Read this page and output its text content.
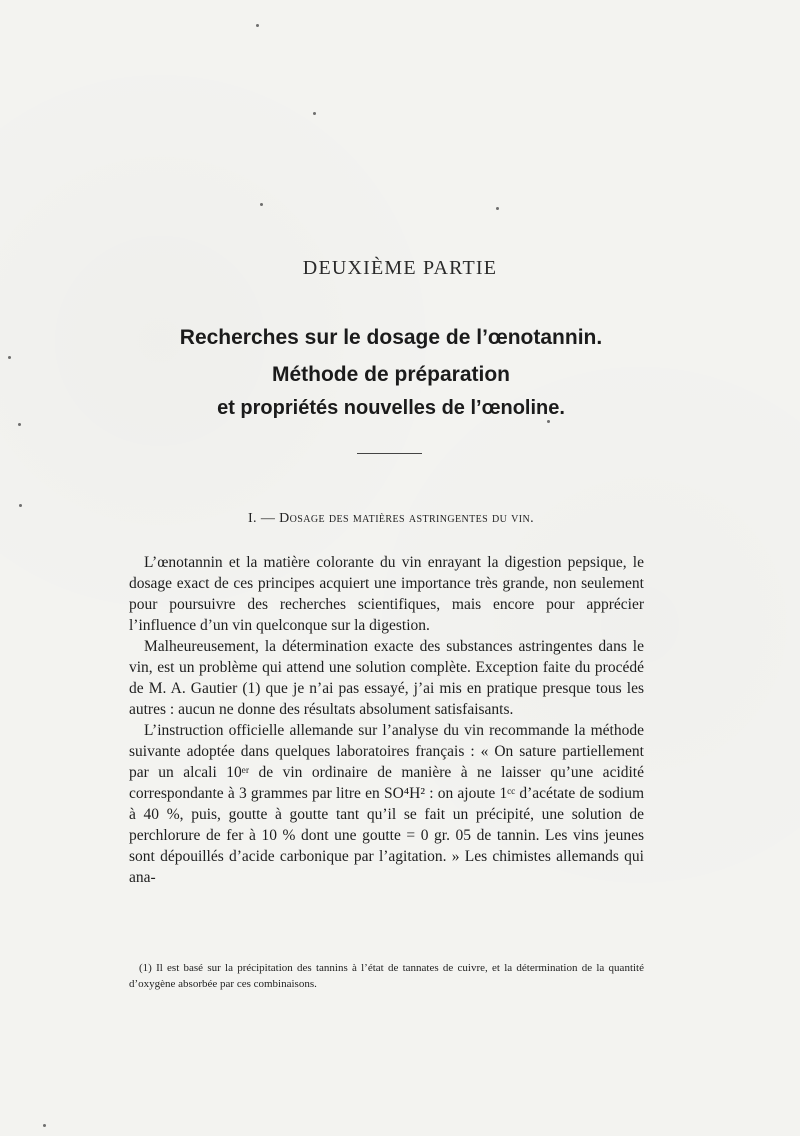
DEUXIÈME PARTIE
Recherches sur le dosage de l’œnotannin.
Méthode de préparation
et propriétés nouvelles de l’œnoline.
I. — Dosage des matières astringentes du vin.

L’œnotannin et la matière colorante du vin enrayant la digestion pepsique, le dosage exact de ces principes acquiert une importance très grande, non seulement pour poursuivre des recherches scientifiques, mais encore pour apprécier l’influence d’un vin quelconque sur la digestion.

Malheureusement, la détermination exacte des substances astringentes dans le vin, est un problème qui attend une solution complète. Exception faite du procédé de M. A. Gautier (1) que je n’ai pas essayé, j’ai mis en pratique presque tous les autres : aucun ne donne des résultats absolument satisfaisants.

L’instruction officielle allemande sur l’analyse du vin recommande la méthode suivante adoptée dans quelques laboratoires français : « On sature partiellement par un alcali 10ᵉʳ de vin ordinaire de manière à ne laisser qu’une acidité correspondante à 3 grammes par litre en SO⁴H² : on ajoute 1ᶜᶜ d’acétate de sodium à 40 %, puis, goutte à goutte tant qu’il se fait un précipité, une solution de perchlorure de fer à 10 % dont une goutte = 0 gr. 05 de tannin. Les vins jeunes sont dépouillés d’acide carbonique par l’agitation. » Les chimistes allemands qui ana-

(1) Il est basé sur la précipitation des tannins à l’état de tannates de cuivre, et la détermination de la quantité d’oxygène absorbée par ces combinaisons.
